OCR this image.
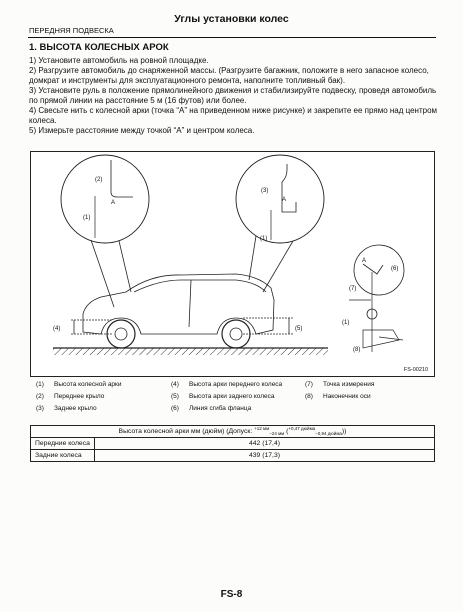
Углы установки колес
ПЕРЕДНЯЯ ПОДВЕСКА
1. ВЫСОТА КОЛЕСНЫХ АРОК

1) Установите автомобиль на ровной площадке.

2) Разгрузите автомобиль до снаряженной массы. (Разгрузите багажник, положите в него запасное колесо, домкрат и инструменты для эксплуатационного ремонта, наполните топливный бак).

3) Установите руль в положение прямолинейного движения и стабилизируйте подвеску, проведя автомобиль по прямой линии на расстояние 5 м (16 футов) или более.

4) Свесьте нить с колесной арки (точка “A” на приведенном ниже рисунке) и закрепите ее прямо над центром колеса.

5) Измерьте расстояние между точкой “A” и центром колеса.

(2)
(1)
A
(3)
(1)
A
(4)	(5)
(6)
(7)
A
(1)
(8)
FS-00210
(1) Высота колесной арки
(2) Переднее крыло
(3) Заднее крыло
(4) Высота арки переднего колеса
(5) Высота арки заднего колеса
(6) Линия сгиба фланца
(7) Точка измерения
(8) Наконечник оси
Высота колесной арки мм (дюйм) (Допуск: $^{+12 мм}_{-24 мм}$ ($^{+0,47 дюйма}_{-0,94 дюйма}$))	
Передние колеса	442 (17,4)
Задние колеса	439 (17,3)
FS-8
